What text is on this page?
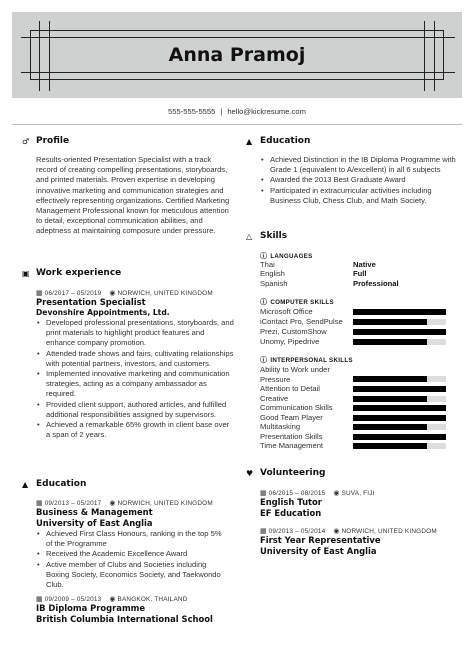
Anna Pramoj
555-555-5555 | hello@kickresume.com
♂ Profile
Results-oriented Presentation Specialist with a track record of creating compelling presentations, storyboards, and printed materials. Proven expertise in developing innovative marketing and communication strategies and effectively representing organizations. Certified Marketing Management Professional known for meticulous attention to detail, exceptional communication abilities, and adeptness at maintaining composure under pressure.
▣ Work experience
▦ 06/2017 – 05/2019 ◉ NORWICH, UNITED KINGDOM
Presentation Specialist
Devonshire Appointments, Ltd.
• Developed professional presentations, storyboards, and print materials to highlight product features and enhance company promotion.
• Attended trade shows and fairs, cultivating relationships with potential partners, investors, and customers.
• Implemented innovative marketing and communication strategies, acting as a company ambassador as required.
• Provided client support, authored articles, and fulfilled additional responsibilities assigned by supervisors.
• Achieved a remarkable 65% growth in client base over a span of 2 years.
▲ Education
▦ 09/2013 – 05/2017 ◉ NORWICH, UNITED KINGDOM
Business & Management
University of East Anglia
• Achieved First Class Honours, ranking in the top 5% of the Programme
• Received the Academic Excellence Award
• Active member of Clubs and Societies including Boxing Society, Economics Society, and Taekwondo Club.
▦ 09/2009 – 05/2013 ◉ BANGKOK, THAILAND
IB Diploma Programme
British Columbia International School
▲ Education
• Achieved Distinction in the IB Diploma Programme with Grade 1 (equivalent to A/excellent) in all 6 subjects
• Awarded the 2013 Best Graduate Award
• Participated in extracurricular activities including Business Club, Chess Club, and Math Society.
△ Skills
ⓘ LANGUAGES
Thai	Native
English	Full
Spanish	Professional
ⓘ COMPUTER SKILLS
Microsoft Office
iContact Pro, SendPulse
Prezi, CustomShow
Unomy, Pipedrive
ⓘ INTERPERSONAL SKILLS
Ability to Work under Pressure
Attention to Detail
Creative
Communication Skills
Good Team Player
Multitasking
Presentation Skills
Time Management
♥ Volunteering
▦ 06/2015 – 08/2015 ◉ SUVA, FIJI
English Tutor
EF Education
▦ 09/2013 – 05/2014 ◉ NORWICH, UNITED KINGDOM
First Year Representative
University of East Anglia
